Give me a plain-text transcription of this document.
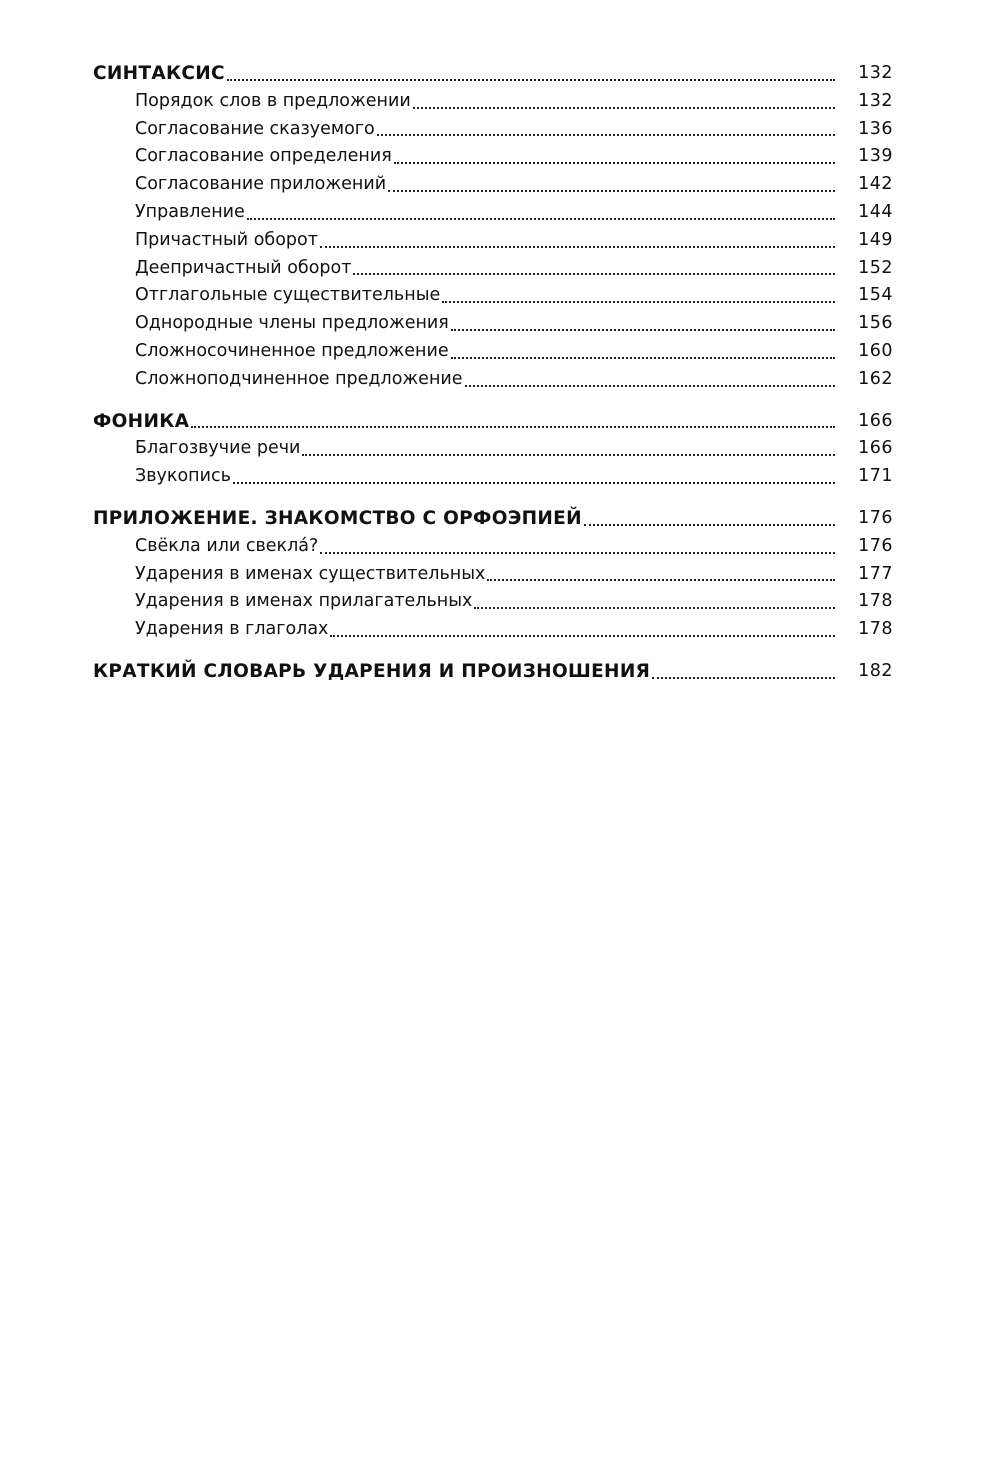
СИНТАКСИС	132
Порядок слов в предложении	132
Согласование сказуемого	136
Согласование определения	139
Согласование приложений	142
Управление	144
Причастный оборот	149
Деепричастный оборот	152
Отглагольные существительные	154
Однородные члены предложения	156
Сложносочиненное предложение	160
Сложноподчиненное предложение	162
ФОНИКА	166
Благозвучие речи	166
Звукопись	171
ПРИЛОЖЕНИЕ. ЗНАКОМСТВО С ОРФОЭПИЕЙ	176
Свёкла или свекла́?	176
Ударения в именах существительных	177
Ударения в именах прилагательных	178
Ударения в глаголах	178
КРАТКИЙ СЛОВАРЬ УДАРЕНИЯ И ПРОИЗНОШЕНИЯ	182
